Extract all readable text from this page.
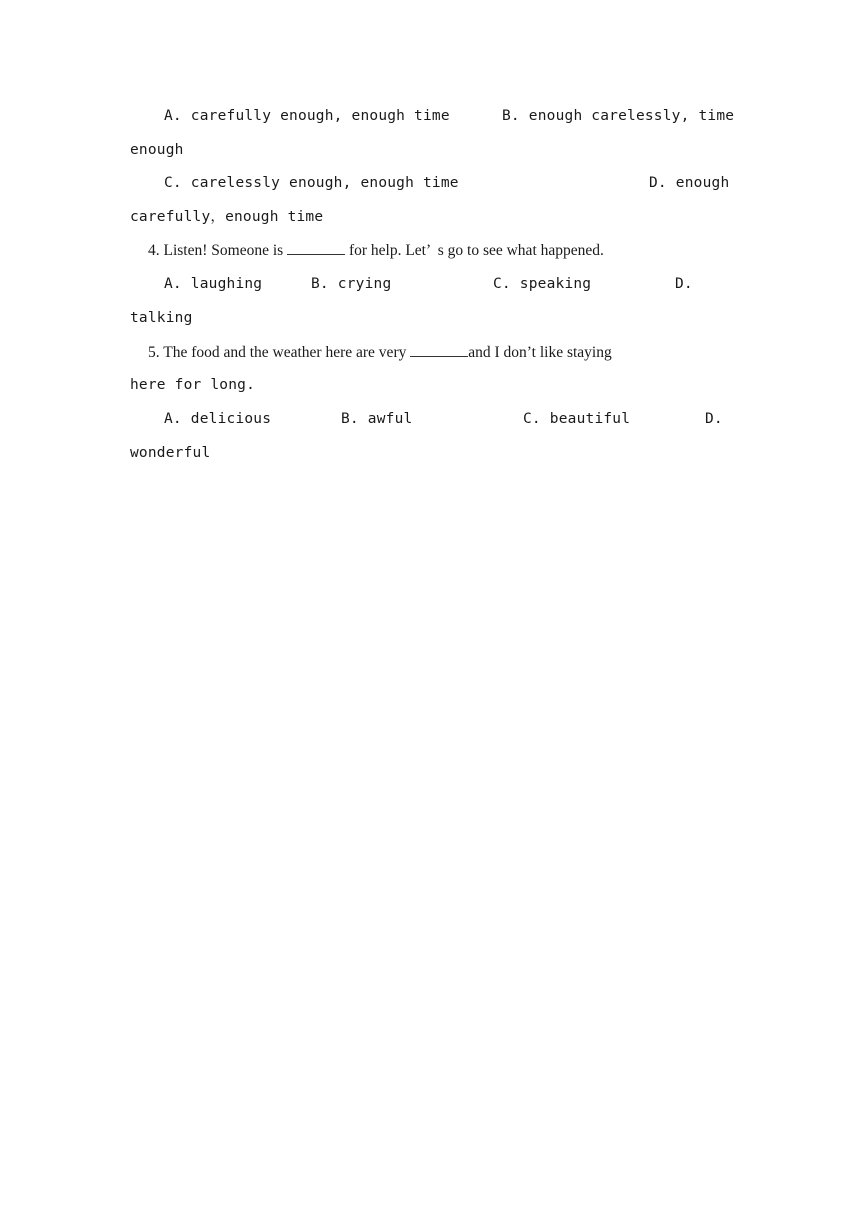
A. carefully enough, enough time	B. enough carelessly, time
enough
C. carelessly enough, enough time	D. enough
carefully，enough time
4. Listen! Someone is	for help. Let’  s go to see what happened.
A. laughing	B. crying	C. speaking	D.
talking
5. The food and the weather here are very	and I don’t like staying
here for long.
A. delicious	B. awful	C. beautiful	D.
wonderful
